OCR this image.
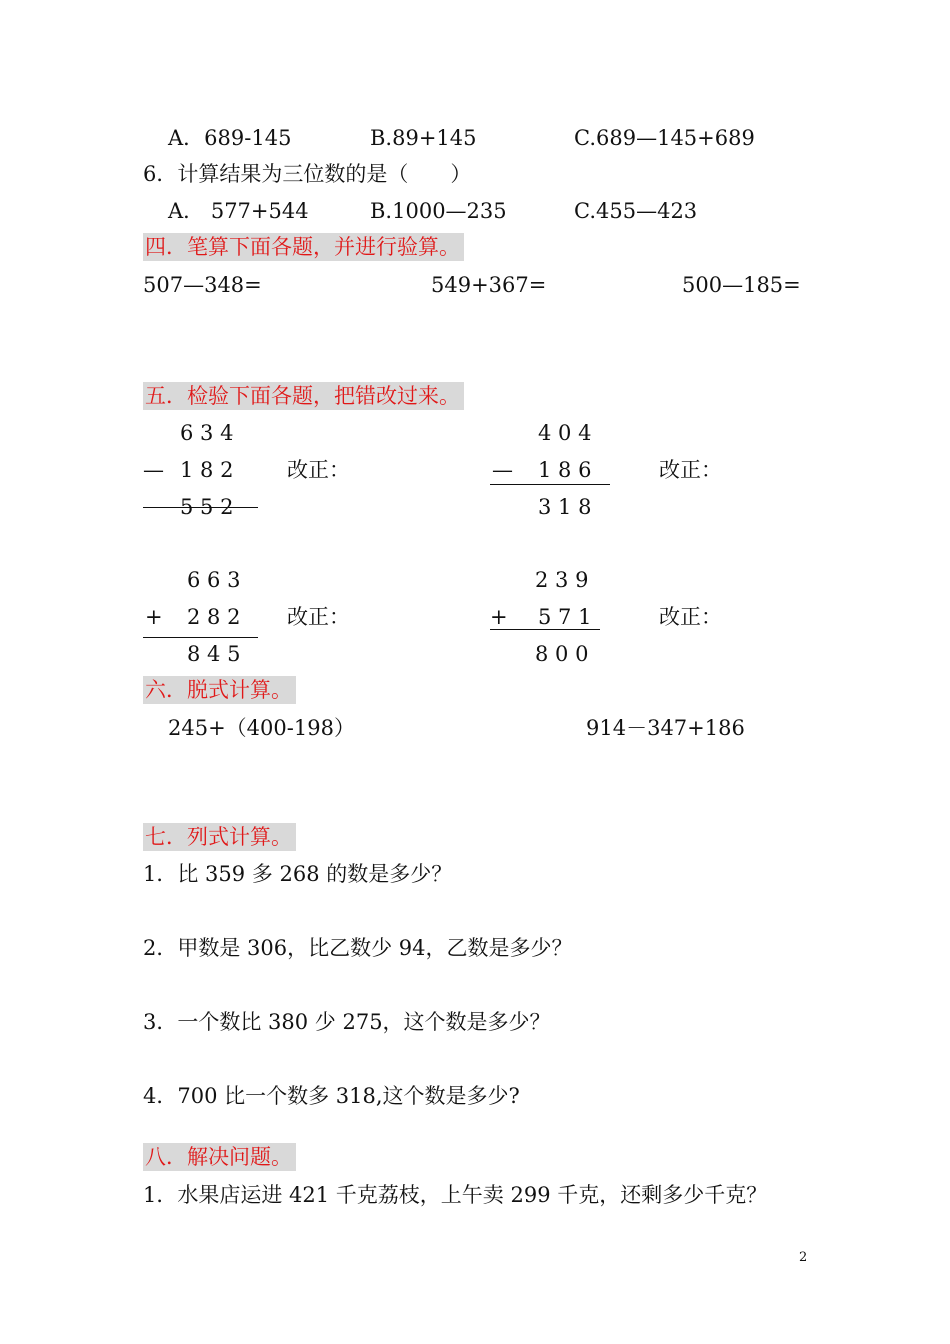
A．689-145	B.89+145	C.689—145+689
6．计算结果为三位数的是（　　）
A． 577+544	B.1000—235	C.455—423
四．笔算下面各题，并进行验算。
507—348=	549+367=	500—185=
五．检验下面各题，把错改过来。
6 3 4
— 1 8 2
5 5 2
改正：
4 0 4
— 1 8 6
3 1 8
改正：
6 6 3
+ 2 8 2
8 4 5
改正：
2 3 9
+ 5 7 1
8 0 0
改正：
六．脱式计算。
245+（400-198）	914－347+186
七．列式计算。
1．比 359 多 268 的数是多少？
2．甲数是 306，比乙数少 94，乙数是多少？
3．一个数比 380 少 275，这个数是多少？
4．700 比一个数多 318,这个数是多少?
八．解决问题。
1．水果店运进 421 千克荔枝，上午卖 299 千克，还剩多少千克？
2
